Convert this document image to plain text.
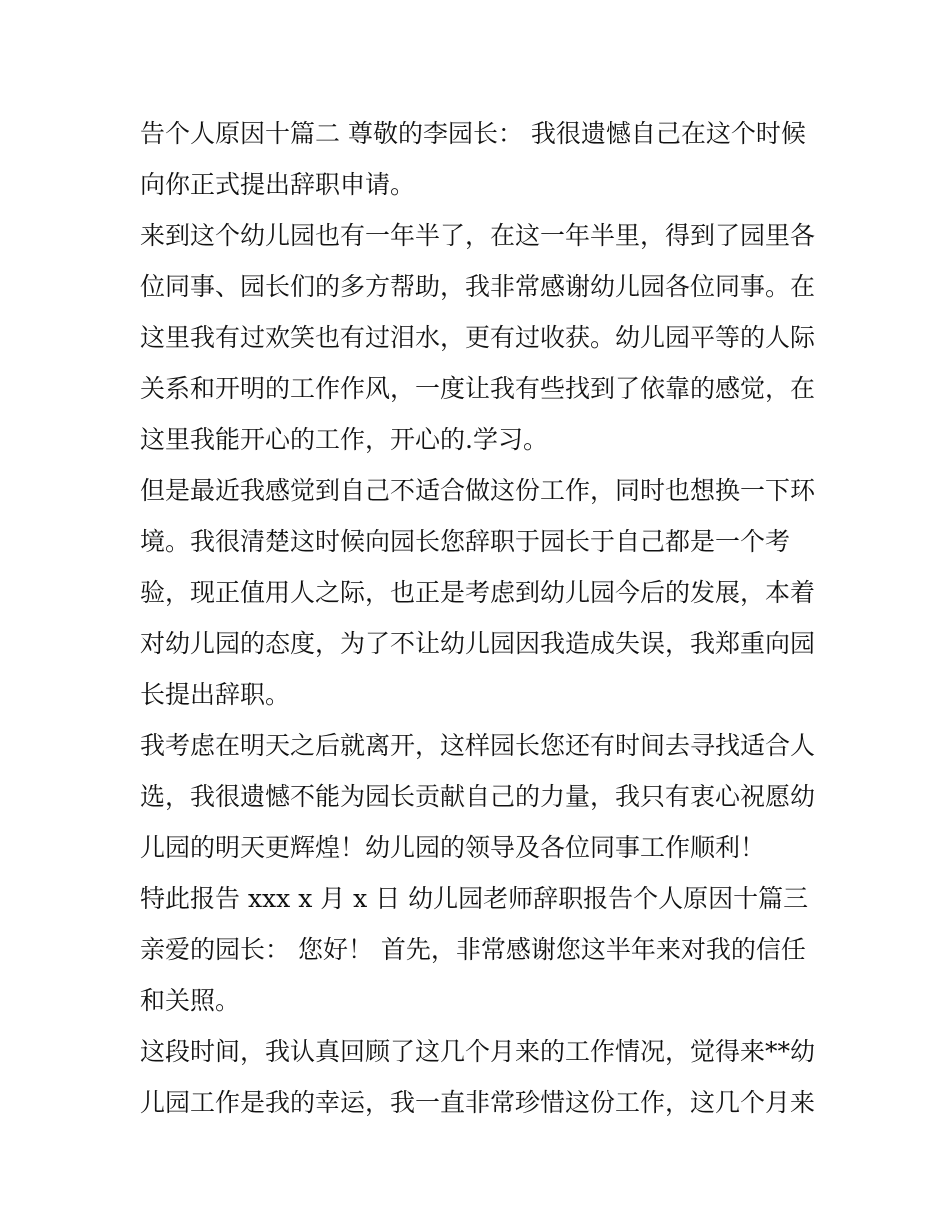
告个人原因十篇二 尊敬的李园长： 我很遗憾自己在这个时候
向你正式提出辞职申请。
来到这个幼儿园也有一年半了，在这一年半里，得到了园里各
位同事、园长们的多方帮助，我非常感谢幼儿园各位同事。在
这里我有过欢笑也有过泪水，更有过收获。幼儿园平等的人际
关系和开明的工作作风，一度让我有些找到了依靠的感觉，在
这里我能开心的工作，开心的.学习。
但是最近我感觉到自己不适合做这份工作，同时也想换一下环
境。我很清楚这时候向园长您辞职于园长于自己都是一个考
验，现正值用人之际，也正是考虑到幼儿园今后的发展，本着
对幼儿园的态度，为了不让幼儿园因我造成失误，我郑重向园
长提出辞职。
我考虑在明天之后就离开，这样园长您还有时间去寻找适合人
选，我很遗憾不能为园长贡献自己的力量，我只有衷心祝愿幼
儿园的明天更辉煌！幼儿园的领导及各位同事工作顺利！
特此报告 xxx x 月 x 日 幼儿园老师辞职报告个人原因十篇三
亲爱的园长： 您好！ 首先，非常感谢您这半年来对我的信任
和关照。
这段时间，我认真回顾了这几个月来的工作情况，觉得来**幼
儿园工作是我的幸运，我一直非常珍惜这份工作，这几个月来
